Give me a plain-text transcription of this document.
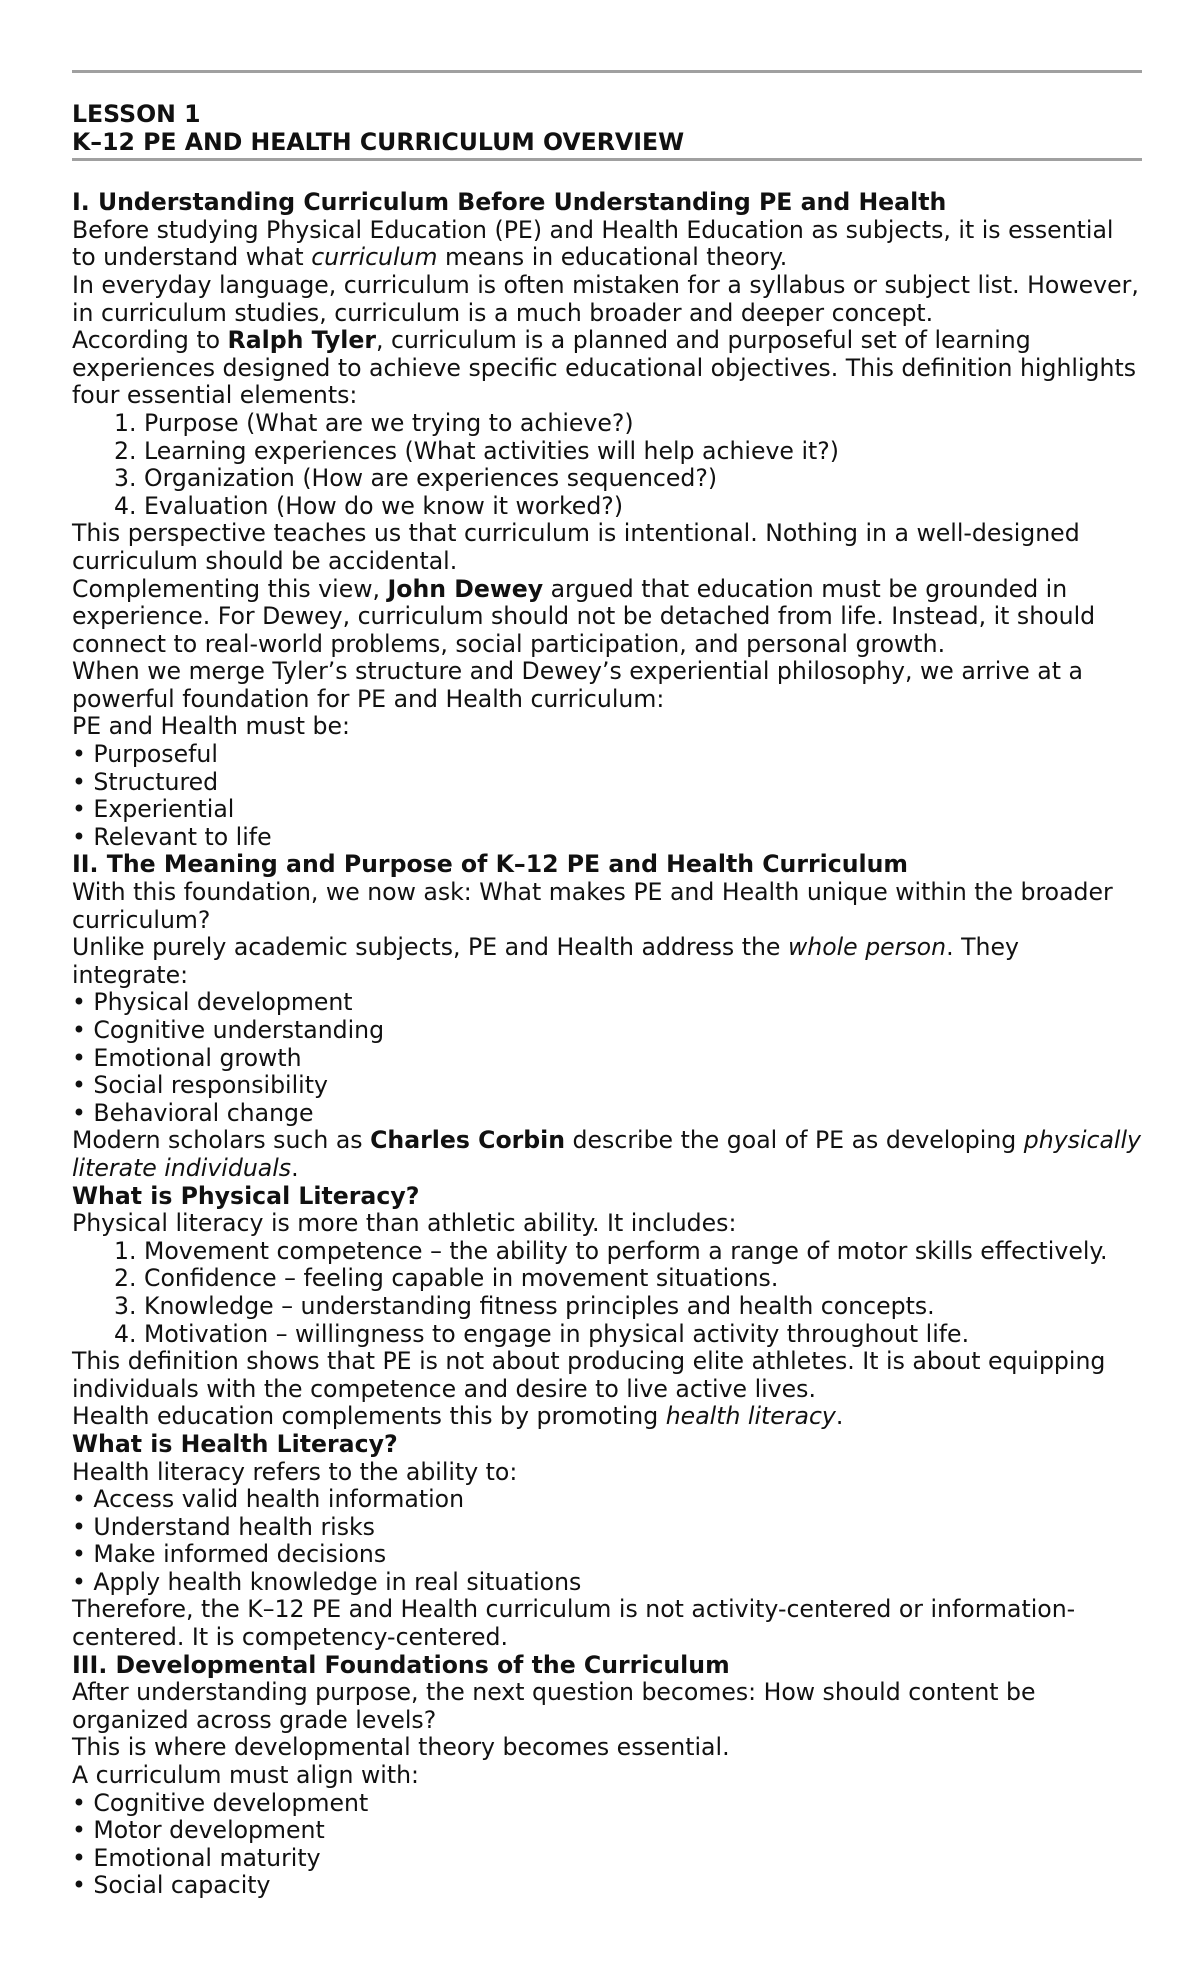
LESSON 1
K–12 PE AND HEALTH CURRICULUM OVERVIEW
I. Understanding Curriculum Before Understanding PE and Health

Before studying Physical Education (PE) and Health Education as subjects, it is essential to understand what curriculum means in educational theory.

In everyday language, curriculum is often mistaken for a syllabus or subject list. However, in curriculum studies, curriculum is a much broader and deeper concept.

According to Ralph Tyler, curriculum is a planned and purposeful set of learning experiences designed to achieve specific educational objectives. This definition highlights four essential elements:

1. Purpose (What are we trying to achieve?)
2. Learning experiences (What activities will help achieve it?)
3. Organization (How are experiences sequenced?)
4. Evaluation (How do we know it worked?)

This perspective teaches us that curriculum is intentional. Nothing in a well-designed curriculum should be accidental.

Complementing this view, John Dewey argued that education must be grounded in experience. For Dewey, curriculum should not be detached from life. Instead, it should connect to real-world problems, social participation, and personal growth.

When we merge Tyler’s structure and Dewey’s experiential philosophy, we arrive at a powerful foundation for PE and Health curriculum:

PE and Health must be:

• Purposeful
• Structured
• Experiential
• Relevant to life
II. The Meaning and Purpose of K–12 PE and Health Curriculum

With this foundation, we now ask: What makes PE and Health unique within the broader curriculum?

Unlike purely academic subjects, PE and Health address the whole person. They integrate:

• Physical development
• Cognitive understanding
• Emotional growth
• Social responsibility
• Behavioral change

Modern scholars such as Charles Corbin describe the goal of PE as developing physically literate individuals.

What is Physical Literacy?

Physical literacy is more than athletic ability. It includes:

1. Movement competence – the ability to perform a range of motor skills effectively.
2. Confidence – feeling capable in movement situations.
3. Knowledge – understanding fitness principles and health concepts.
4. Motivation – willingness to engage in physical activity throughout life.

This definition shows that PE is not about producing elite athletes. It is about equipping individuals with the competence and desire to live active lives.

Health education complements this by promoting health literacy.

What is Health Literacy?

Health literacy refers to the ability to:

• Access valid health information
• Understand health risks
• Make informed decisions
• Apply health knowledge in real situations

Therefore, the K–12 PE and Health curriculum is not activity-centered or information-centered. It is competency-centered.

III. Developmental Foundations of the Curriculum

After understanding purpose, the next question becomes: How should content be organized across grade levels?

This is where developmental theory becomes essential.

A curriculum must align with:

• Cognitive development
• Motor development
• Emotional maturity
• Social capacity
